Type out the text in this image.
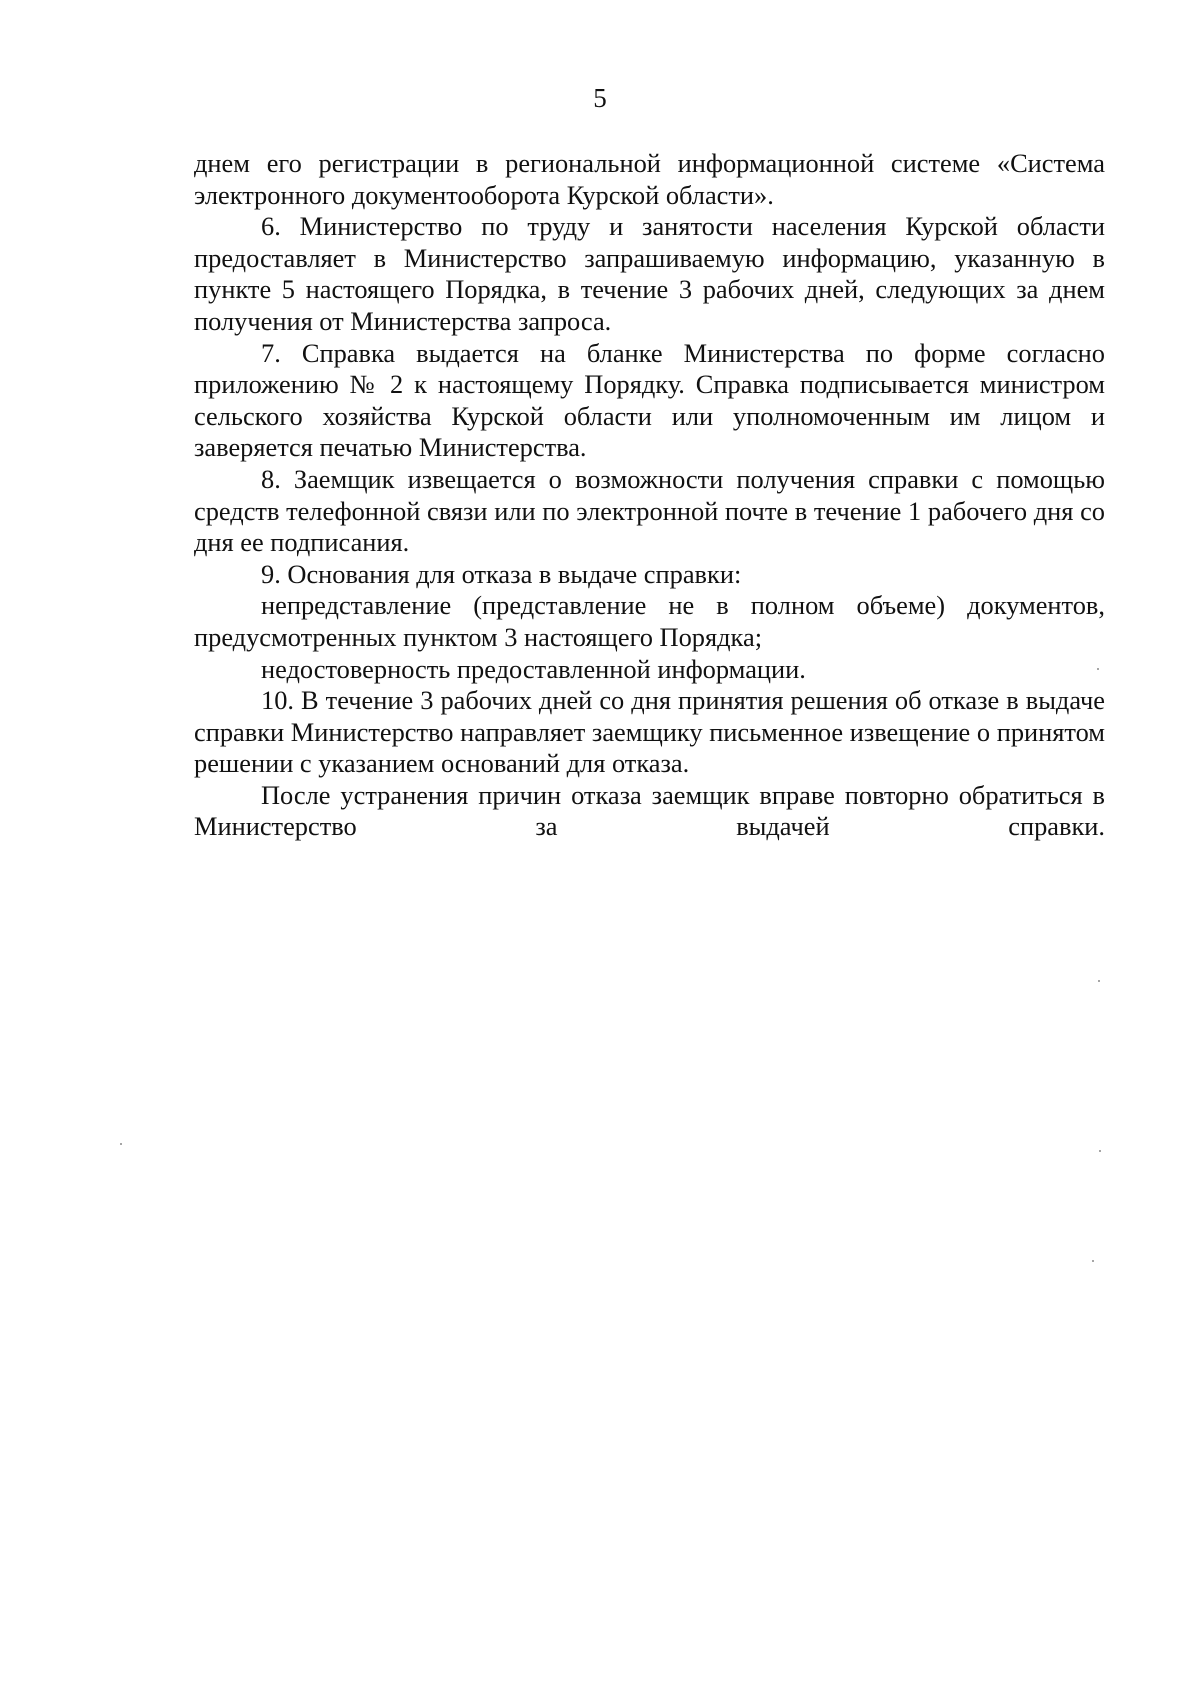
5

днем его регистрации в региональной информационной системе «Система электронного документооборота Курской области».

6. Министерство по труду и занятости населения Курской области предоставляет в Министерство запрашиваемую информацию, указанную в пункте 5 настоящего Порядка, в течение 3 рабочих дней, следующих за днем получения от Министерства запроса.

7. Справка выдается на бланке Министерства по форме согласно приложению № 2 к настоящему Порядку. Справка подписывается министром сельского хозяйства Курской области или уполномоченным им лицом и заверяется печатью Министерства.

8. Заемщик извещается о возможности получения справки с помощью средств телефонной связи или по электронной почте в течение 1 рабочего дня со дня ее подписания.

9. Основания для отказа в выдаче справки:

непредставление (представление не в полном объеме) документов, предусмотренных пунктом 3 настоящего Порядка;

недостоверность предоставленной информации.

10. В течение 3 рабочих дней со дня принятия решения об отказе в выдаче справки Министерство направляет заемщику письменное извещение о принятом решении с указанием оснований для отказа.

После устранения причин отказа заемщик вправе повторно обратиться в Министерство за выдачей справки.
